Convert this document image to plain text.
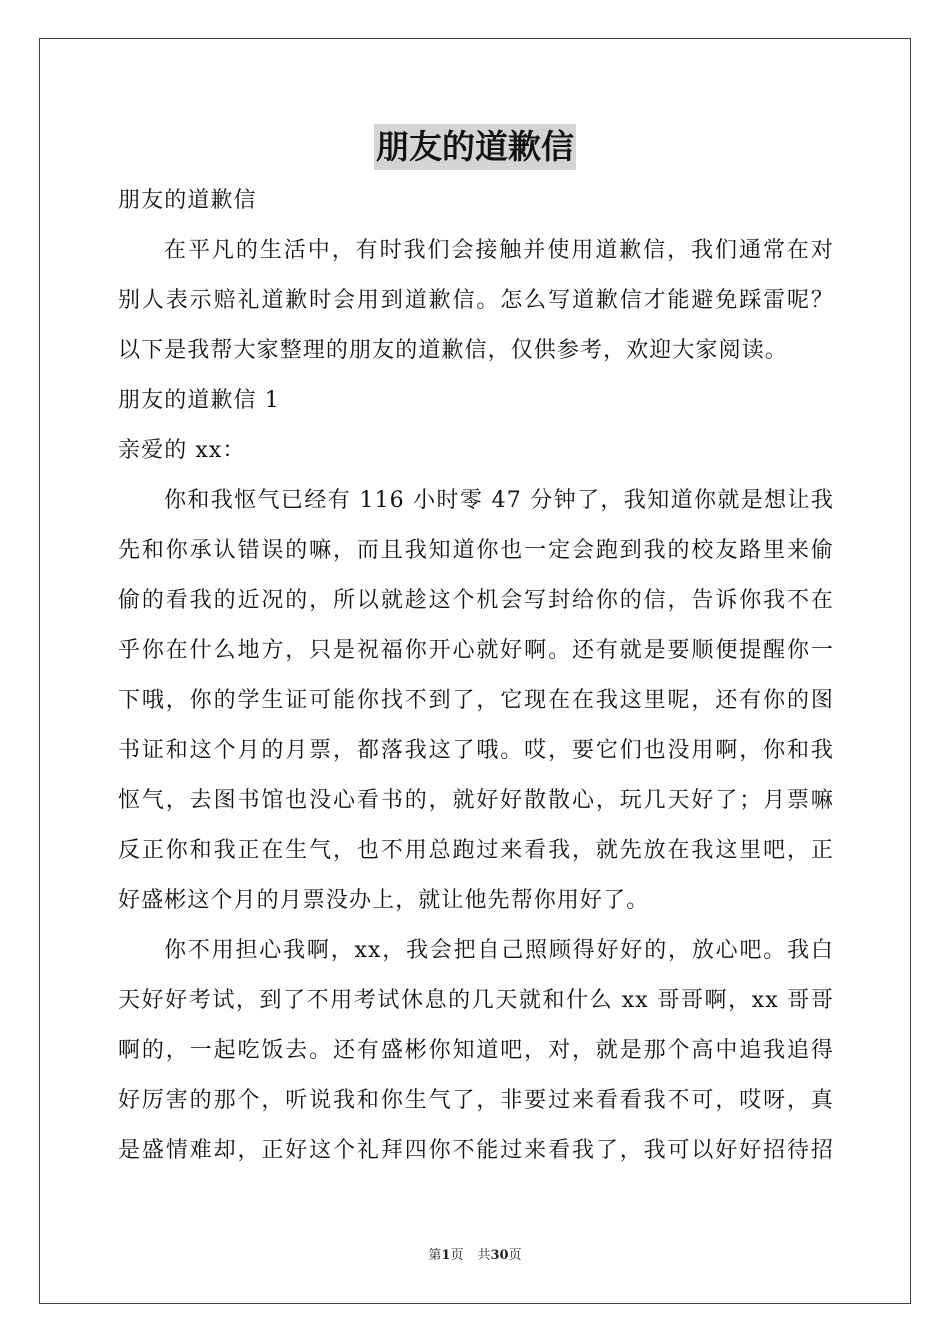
朋友的道歉信
朋友的道歉信
在平凡的生活中，有时我们会接触并使用道歉信，我们通常在对
别人表示赔礼道歉时会用到道歉信。怎么写道歉信才能避免踩雷呢？
以下是我帮大家整理的朋友的道歉信，仅供参考，欢迎大家阅读。
朋友的道歉信 1
亲爱的 xx：
你和我怄气已经有 116 小时零 47 分钟了，我知道你就是想让我
先和你承认错误的嘛，而且我知道你也一定会跑到我的校友路里来偷
偷的看我的近况的，所以就趁这个机会写封给你的信，告诉你我不在
乎你在什么地方，只是祝福你开心就好啊。还有就是要顺便提醒你一
下哦，你的学生证可能你找不到了，它现在在我这里呢，还有你的图
书证和这个月的月票，都落我这了哦。哎，要它们也没用啊，你和我
怄气，去图书馆也没心看书的，就好好散散心，玩几天好了；月票嘛
反正你和我正在生气，也不用总跑过来看我，就先放在我这里吧，正
好盛彬这个月的月票没办上，就让他先帮你用好了。
你不用担心我啊，xx，我会把自己照顾得好好的，放心吧。我白
天好好考试，到了不用考试休息的几天就和什么 xx 哥哥啊，xx 哥哥
啊的，一起吃饭去。还有盛彬你知道吧，对，就是那个高中追我追得
好厉害的那个，听说我和你生气了，非要过来看看我不可，哎呀，真
是盛情难却，正好这个礼拜四你不能过来看我了，我可以好好招待招
第1页 共30页
